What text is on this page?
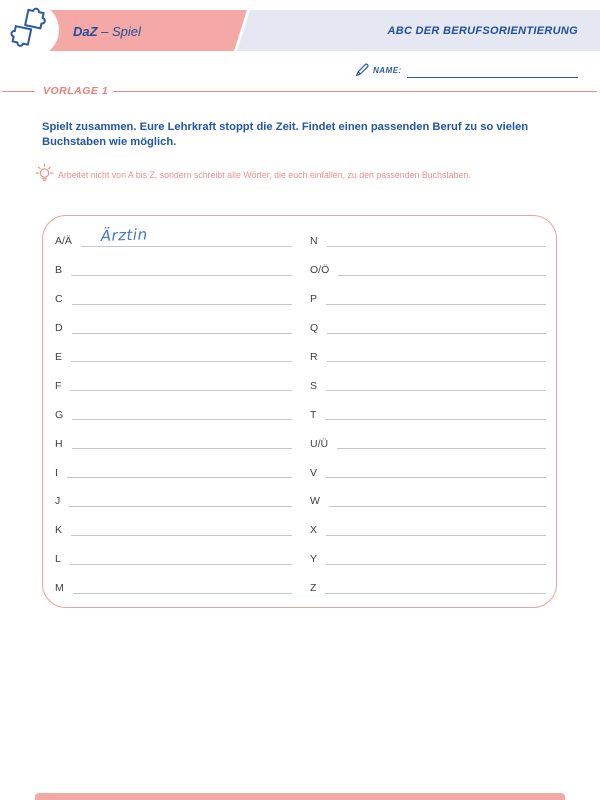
DaZ – Spiel	ABC DER BERUFSORIENTIERUNG
NAME:
VORLAGE 1
Spielt zusammen. Eure Lehrkraft stoppt die Zeit. Findet einen passenden Beruf zu so vielen
Buchstaben wie möglich.
Arbeitet nicht von A bis Z, sondern schreibt alle Wörter, die euch einfallen, zu den passenden Buchstaben.
A/Ä Ärztin
B
C
D
E
F
G
H
I
J
K
L
M
N
O/Ö
P
Q
R
S
T
U/Ü
V
W
X
Y
Z
